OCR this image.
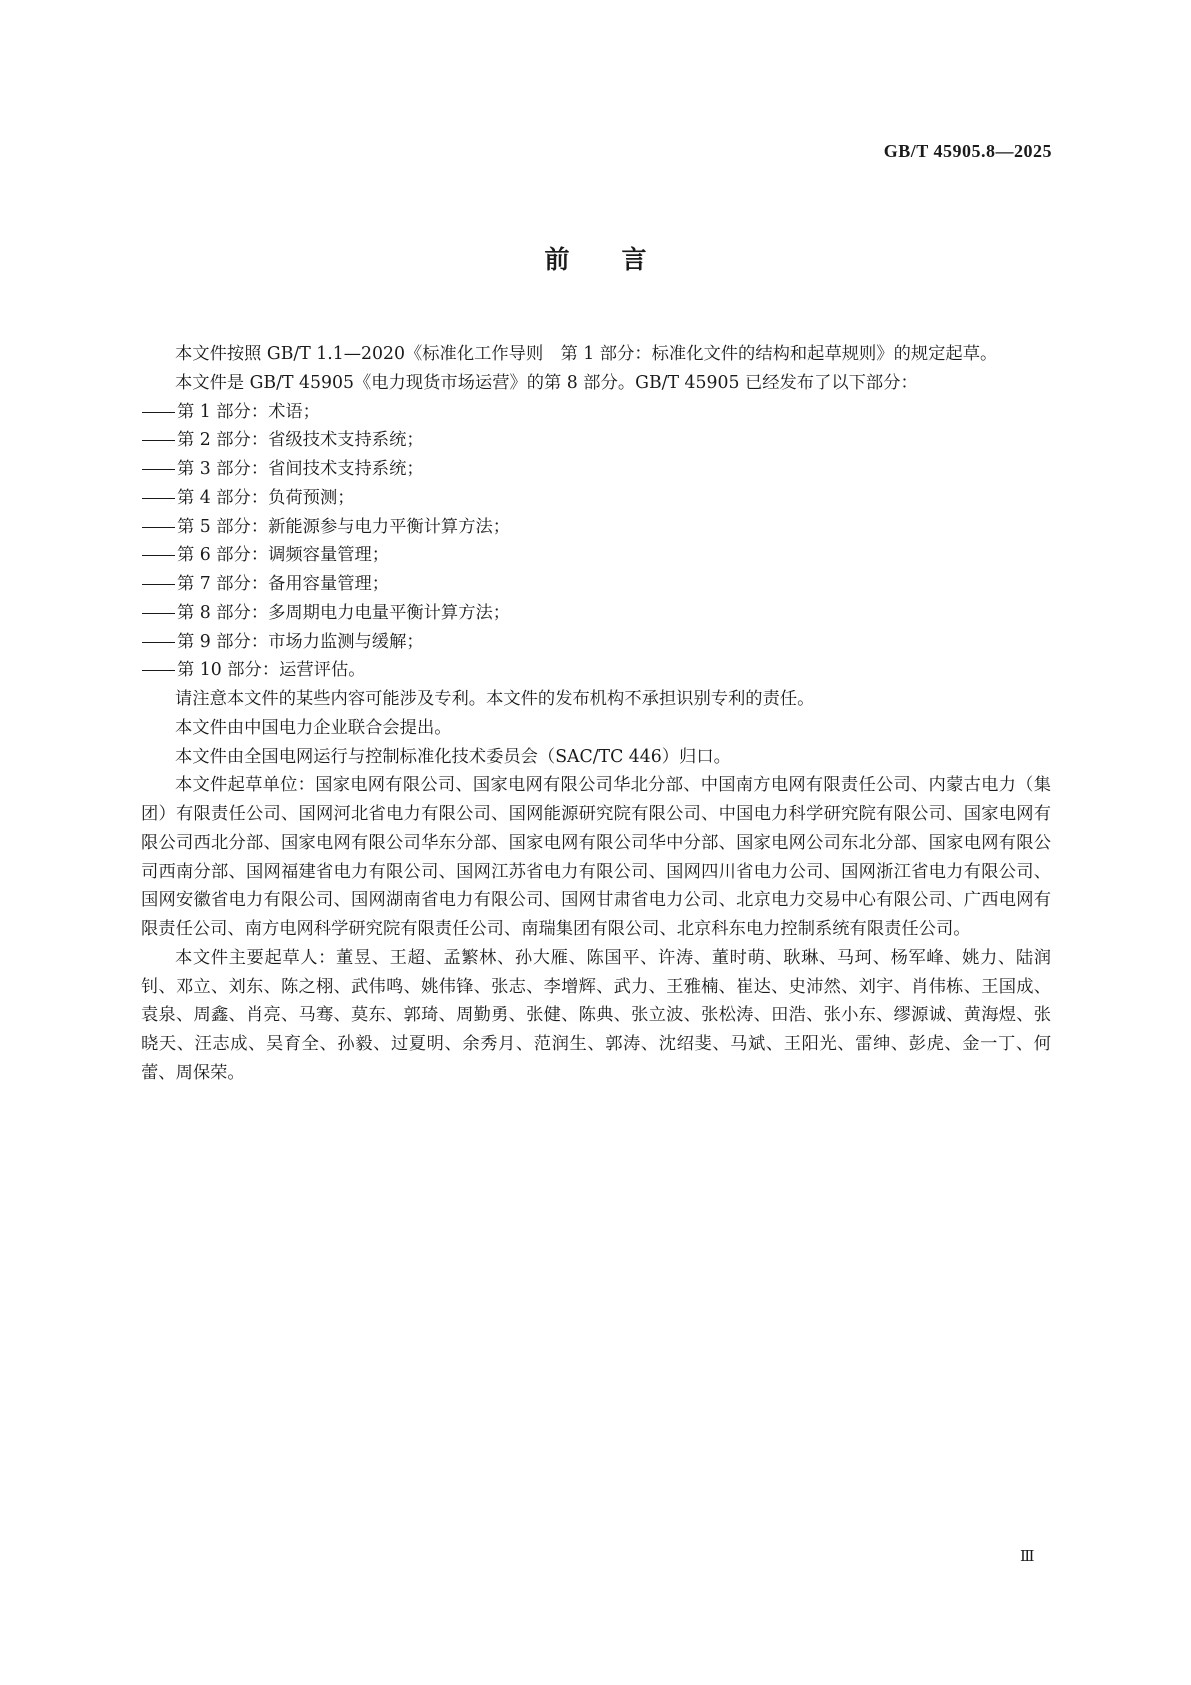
GB/T 45905.8—2025
前言

本文件按照 GB/T 1.1—2020《标准化工作导则　第 1 部分：标准化文件的结构和起草规则》的规定起草。

本文件是 GB/T 45905《电力现货市场运营》的第 8 部分。GB/T 45905 已经发布了以下部分：

第 1 部分：术语；

第 2 部分：省级技术支持系统；

第 3 部分：省间技术支持系统；

第 4 部分：负荷预测；

第 5 部分：新能源参与电力平衡计算方法；

第 6 部分：调频容量管理；

第 7 部分：备用容量管理；

第 8 部分：多周期电力电量平衡计算方法；

第 9 部分：市场力监测与缓解；

第 10 部分：运营评估。

请注意本文件的某些内容可能涉及专利。本文件的发布机构不承担识别专利的责任。

本文件由中国电力企业联合会提出。

本文件由全国电网运行与控制标准化技术委员会（SAC/TC 446）归口。

本文件起草单位：国家电网有限公司、国家电网有限公司华北分部、中国南方电网有限责任公司、内蒙古电力（集团）有限责任公司、国网河北省电力有限公司、国网能源研究院有限公司、中国电力科学研究院有限公司、国家电网有限公司西北分部、国家电网有限公司华东分部、国家电网有限公司华中分部、国家电网公司东北分部、国家电网有限公司西南分部、国网福建省电力有限公司、国网江苏省电力有限公司、国网四川省电力公司、国网浙江省电力有限公司、国网安徽省电力有限公司、国网湖南省电力有限公司、国网甘肃省电力公司、北京电力交易中心有限公司、广西电网有限责任公司、南方电网科学研究院有限责任公司、南瑞集团有限公司、北京科东电力控制系统有限责任公司。

本文件主要起草人：董昱、王超、孟繁林、孙大雁、陈国平、许涛、董时萌、耿琳、马珂、杨军峰、姚力、陆润钊、邓立、刘东、陈之栩、武伟鸣、姚伟锋、张志、李增辉、武力、王雅楠、崔达、史沛然、刘宇、肖伟栋、王国成、袁泉、周鑫、肖亮、马骞、莫东、郭琦、周勤勇、张健、陈典、张立波、张松涛、田浩、张小东、缪源诚、黄海煜、张晓天、汪志成、吴育全、孙毅、过夏明、余秀月、范润生、郭涛、沈绍斐、马斌、王阳光、雷绅、彭虎、金一丁、何蕾、周保荣。

Ⅲ
